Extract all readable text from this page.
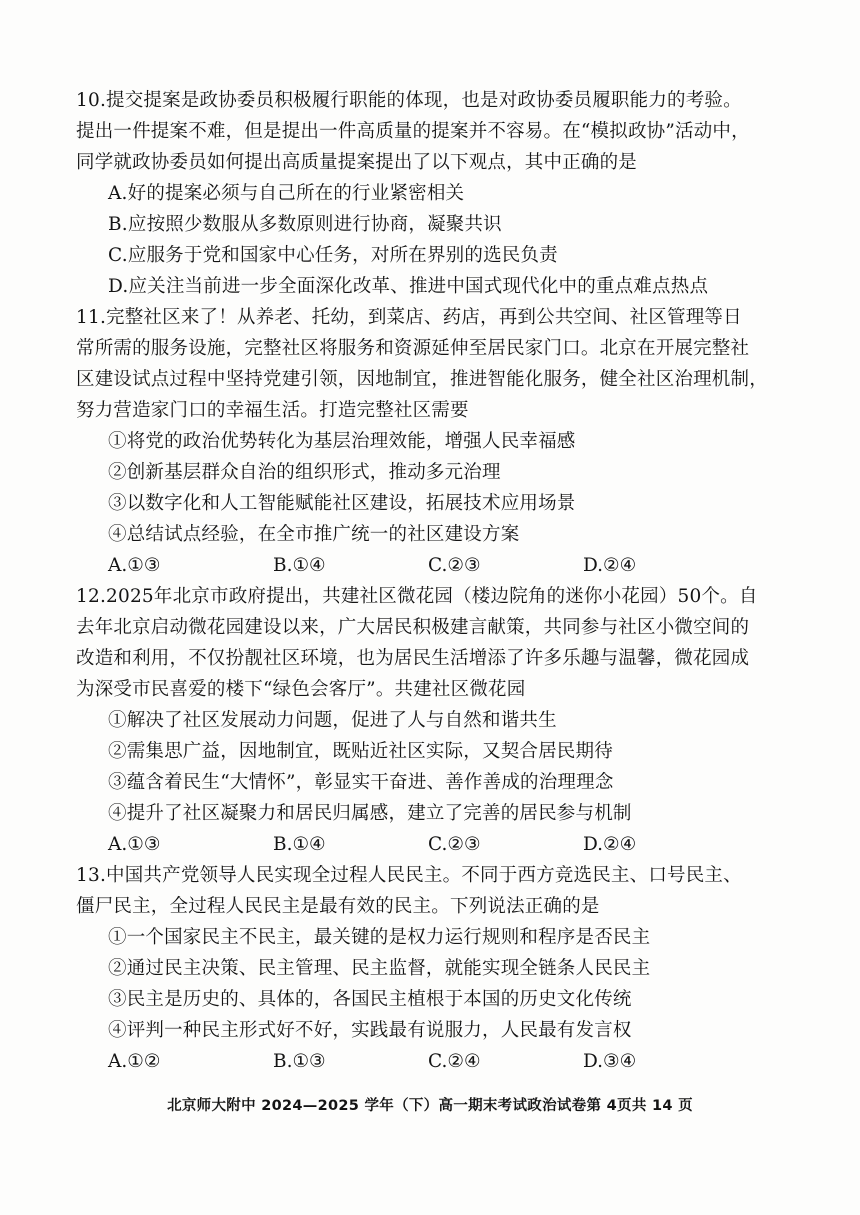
10.提交提案是政协委员积极履行职能的体现，也是对政协委员履职能力的考验。
提出一件提案不难，但是提出一件高质量的提案并不容易。在“模拟政协”活动中，
同学就政协委员如何提出高质量提案提出了以下观点，其中正确的是
A.好的提案必须与自己所在的行业紧密相关
B.应按照少数服从多数原则进行协商，凝聚共识
C.应服务于党和国家中心任务，对所在界别的选民负责
D.应关注当前进一步全面深化改革、推进中国式现代化中的重点难点热点
11.完整社区来了！从养老、托幼，到菜店、药店，再到公共空间、社区管理等日
常所需的服务设施，完整社区将服务和资源延伸至居民家门口。北京在开展完整社
区建设试点过程中坚持党建引领，因地制宜，推进智能化服务，健全社区治理机制，
努力营造家门口的幸福生活。打造完整社区需要
①将党的政治优势转化为基层治理效能，增强人民幸福感
②创新基层群众自治的组织形式，推动多元治理
③以数字化和人工智能赋能社区建设，拓展技术应用场景
④总结试点经验，在全市推广统一的社区建设方案
A.①③	B.①④	C.②③	D.②④
12.2025年北京市政府提出，共建社区微花园（楼边院角的迷你小花园）50个。自
去年北京启动微花园建设以来，广大居民积极建言献策，共同参与社区小微空间的
改造和利用，不仅扮靓社区环境，也为居民生活增添了许多乐趣与温馨，微花园成
为深受市民喜爱的楼下“绿色会客厅”。共建社区微花园
①解决了社区发展动力问题，促进了人与自然和谐共生
②需集思广益，因地制宜，既贴近社区实际，又契合居民期待
③蕴含着民生“大情怀”，彰显实干奋进、善作善成的治理理念
④提升了社区凝聚力和居民归属感，建立了完善的居民参与机制
A.①③	B.①④	C.②③	D.②④
13.中国共产党领导人民实现全过程人民民主。不同于西方竞选民主、口号民主、
僵尸民主，全过程人民民主是最有效的民主。下列说法正确的是
①一个国家民主不民主，最关键的是权力运行规则和程序是否民主
②通过民主决策、民主管理、民主监督，就能实现全链条人民民主
③民主是历史的、具体的，各国民主植根于本国的历史文化传统
④评判一种民主形式好不好，实践最有说服力，人民最有发言权
A.①②	B.①③	C.②④	D.③④
北京师大附中 2024—2025 学年（下）高一期末考试政治试卷第 4页共 14 页
